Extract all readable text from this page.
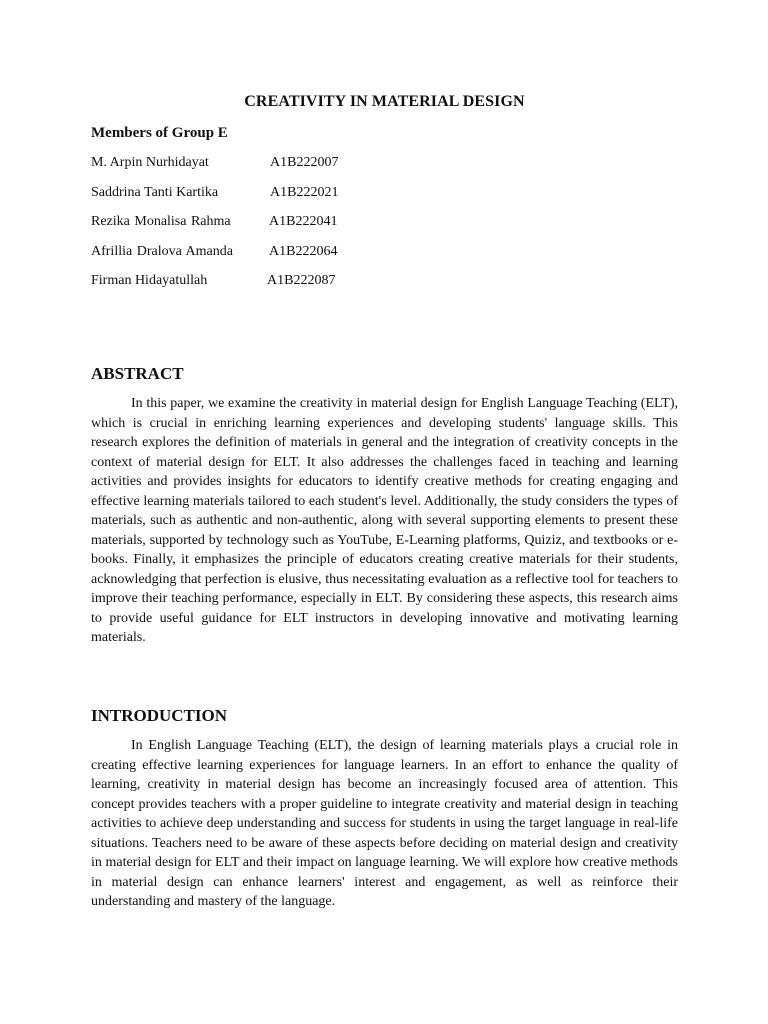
CREATIVITY IN MATERIAL DESIGN
Members of Group E
M. Arpin Nurhidayat	A1B222007
Saddrina Tanti Kartika	A1B222021
Rezika Monalisa Rahma	A1B222041
Afrillia Dralova Amanda	A1B222064
Firman Hidayatullah	A1B222087
ABSTRACT

In this paper, we examine the creativity in material design for English Language Teaching (ELT), which is crucial in enriching learning experiences and developing students' language skills. This research explores the definition of materials in general and the integration of creativity concepts in the context of material design for ELT. It also addresses the challenges faced in teaching and learning activities and provides insights for educators to identify creative methods for creating engaging and effective learning materials tailored to each student's level. Additionally, the study considers the types of materials, such as authentic and non-authentic, along with several supporting elements to present these materials, supported by technology such as YouTube, E-Learning platforms, Quiziz, and textbooks or e-books. Finally, it emphasizes the principle of educators creating creative materials for their students, acknowledging that perfection is elusive, thus necessitating evaluation as a reflective tool for teachers to improve their teaching performance, especially in ELT. By considering these aspects, this research aims to provide useful guidance for ELT instructors in developing innovative and motivating learning materials.

INTRODUCTION

In English Language Teaching (ELT), the design of learning materials plays a crucial role in creating effective learning experiences for language learners. In an effort to enhance the quality of learning, creativity in material design has become an increasingly focused area of attention. This concept provides teachers with a proper guideline to integrate creativity and material design in teaching activities to achieve deep understanding and success for students in using the target language in real-life situations. Teachers need to be aware of these aspects before deciding on material design and creativity in material design for ELT and their impact on language learning. We will explore how creative methods in material design can enhance learners' interest and engagement, as well as reinforce their understanding and mastery of the language.
